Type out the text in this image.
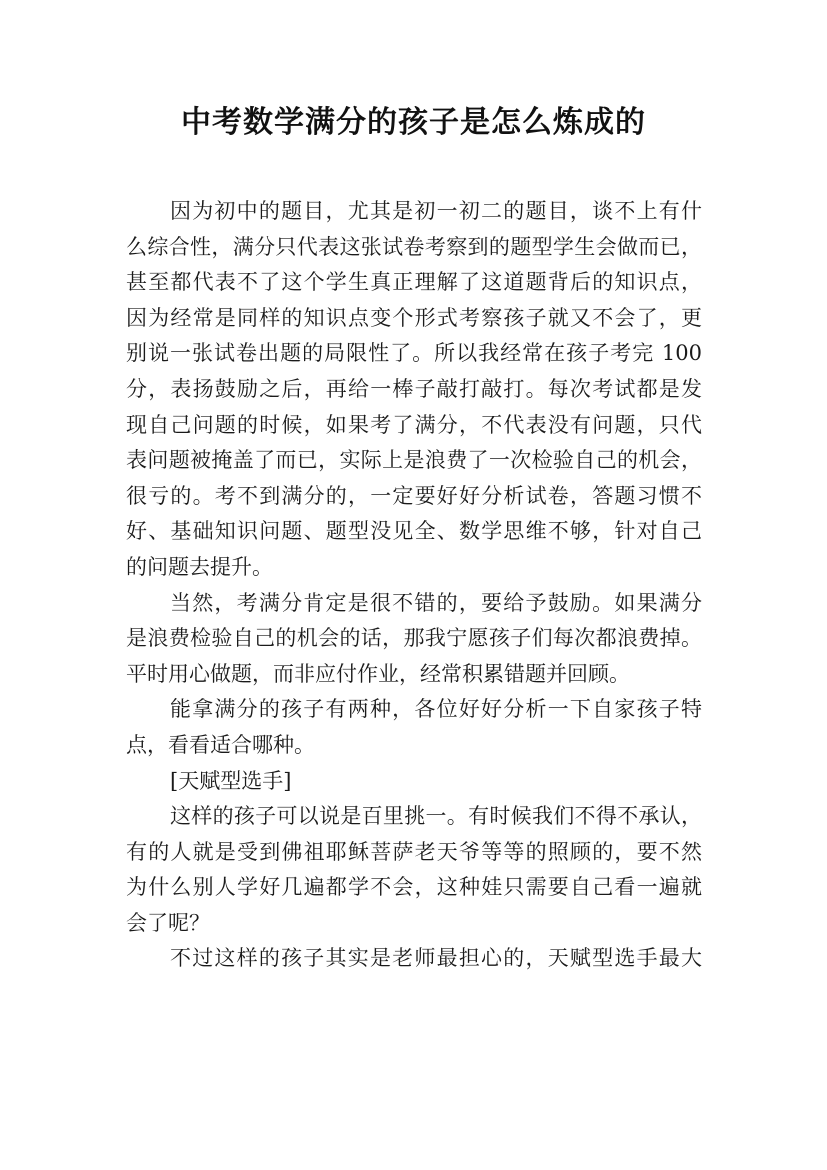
中考数学满分的孩子是怎么炼成的
因为初中的题目，尤其是初一初二的题目，谈不上有什
么综合性，满分只代表这张试卷考察到的题型学生会做而已，
甚至都代表不了这个学生真正理解了这道题背后的知识点，
因为经常是同样的知识点变个形式考察孩子就又不会了，更
别说一张试卷出题的局限性了。所以我经常在孩子考完 100
分，表扬鼓励之后，再给一棒子敲打敲打。每次考试都是发
现自己问题的时候，如果考了满分，不代表没有问题，只代
表问题被掩盖了而已，实际上是浪费了一次检验自己的机会，
很亏的。考不到满分的，一定要好好分析试卷，答题习惯不
好、基础知识问题、题型没见全、数学思维不够，针对自己
的问题去提升。
当然，考满分肯定是很不错的，要给予鼓励。如果满分
是浪费检验自己的机会的话，那我宁愿孩子们每次都浪费掉。
平时用心做题，而非应付作业，经常积累错题并回顾。
能拿满分的孩子有两种，各位好好分析一下自家孩子特
点，看看适合哪种。
[天赋型选手]
这样的孩子可以说是百里挑一。有时候我们不得不承认，
有的人就是受到佛祖耶稣菩萨老天爷等等的照顾的，要不然
为什么别人学好几遍都学不会，这种娃只需要自己看一遍就
会了呢？
不过这样的孩子其实是老师最担心的，天赋型选手最大
